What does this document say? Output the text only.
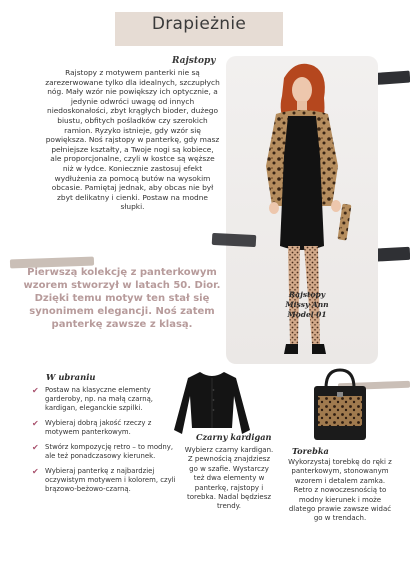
Drapieżnie
Rajstopy
Rajstopy z motywem panterki nie są zarezerwowane tylko dla idealnych, szczupłych nóg. Mały wzór nie powiększy ich optycznie, a jedynie odwróci uwagę od innych niedoskonałości, zbyt krągłych bioder, dużego biustu, obfitych pośladków czy szerokich ramion. Ryzyko istnieje, gdy wzór się powiększa. Noś rajstopy w panterkę, gdy masz pełniejsze kształty, a Twoje nogi są kobiece, ale proporcjonalne, czyli w kostce są węższe niż w łydce. Koniecznie zastosuj efekt wydłużenia za pomocą butów na wysokim obcasie. Pamiętaj jednak, aby obcas nie był zbyt delikatny i cienki. Postaw na modne słupki.
Pierwszą kolekcję z panterkowym wzorem stworzył w latach 50. Dior. Dzięki temu motyw ten stał się synonimem elegancji. Noś zatem panterkę zawsze z klasą.
Rajstopy
Missy Ann
Model 01
W ubraniu
✔ Postaw na klasyczne elementy garderoby, np. na małą czarną, kardigan, eleganckie szpilki.
✔ Wybieraj dobrą jakość rzeczy z motywem panterkowym.
✔ Stwórz kompozycję retro – to modny, ale też ponadczasowy kierunek.
✔ Wybieraj panterkę z najbardziej oczywistym motywem i kolorem, czyli brązowo-beżowo-czarną.
Czarny kardigan
Wybierz czarny kardigan. Z pewnością znajdziesz go w szafie. Wystarczy też dwa elementy w panterkę, rajstopy i torebka. Nadal będziesz trendy.
Torebka
Wykorzystaj torebkę do ręki z panterkowym, stonowanym wzorem i detalem zamka. Retro z nowoczesnością to modny kierunek i może dlatego prawie zawsze widać go w trendach.
